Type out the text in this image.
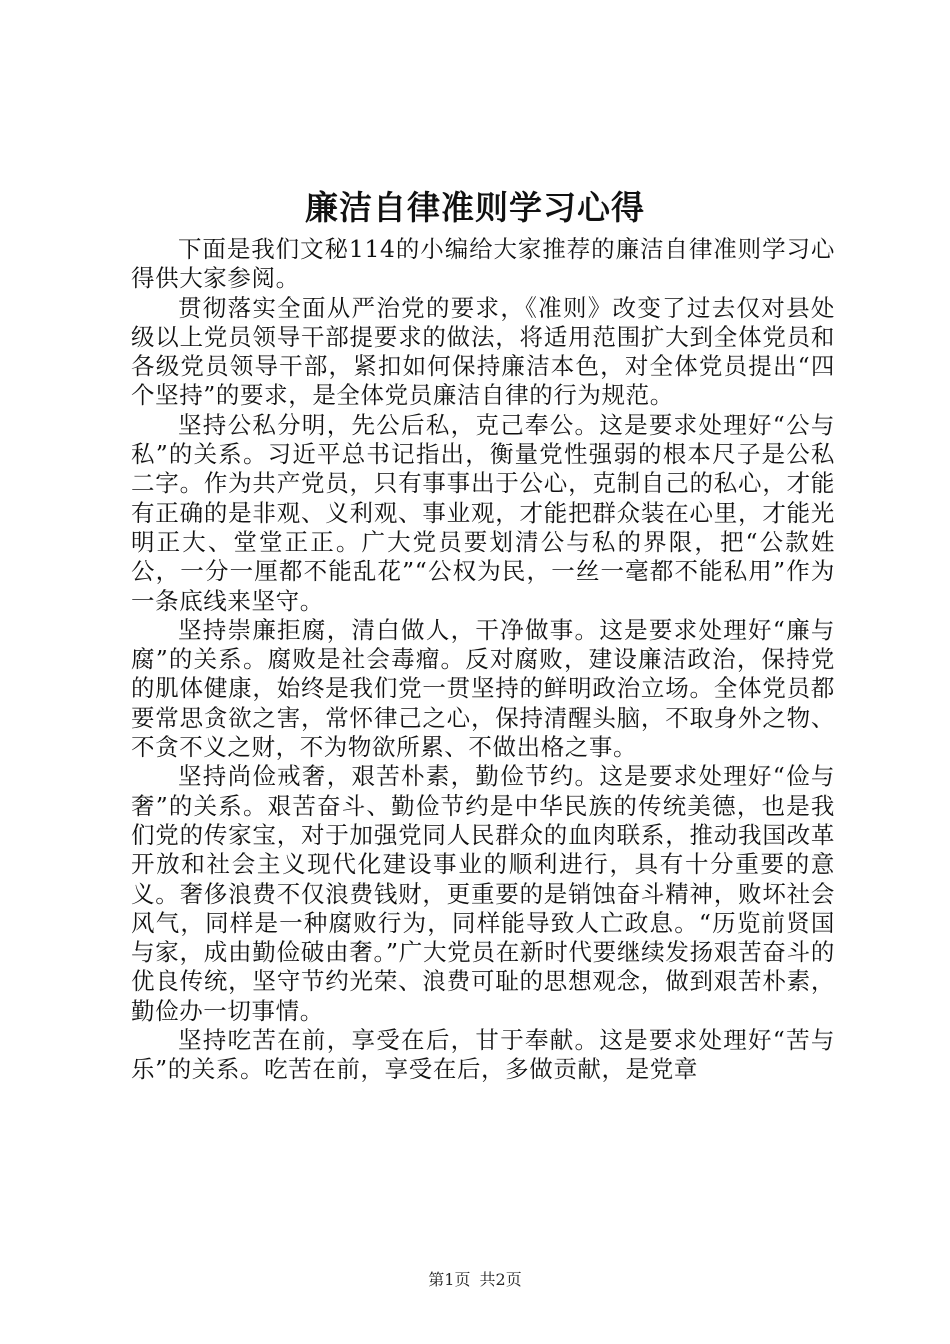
廉洁自律准则学习心得

下面是我们文秘114的小编给大家推荐的廉洁自律准则学习心得供大家参阅。

贯彻落实全面从严治党的要求，《准则》改变了过去仅对县处级以上党员领导干部提要求的做法，将适用范围扩大到全体党员和各级党员领导干部，紧扣如何保持廉洁本色，对全体党员提出“四个坚持”的要求，是全体党员廉洁自律的行为规范。

坚持公私分明，先公后私，克己奉公。这是要求处理好“公与私”的关系。习近平总书记指出，衡量党性强弱的根本尺子是公私二字。作为共产党员，只有事事出于公心，克制自己的私心，才能有正确的是非观、义利观、事业观，才能把群众装在心里，才能光明正大、堂堂正正。广大党员要划清公与私的界限，把“公款姓公，一分一厘都不能乱花”“公权为民，一丝一毫都不能私用”作为一条底线来坚守。

坚持崇廉拒腐，清白做人，干净做事。这是要求处理好“廉与腐”的关系。腐败是社会毒瘤。反对腐败，建设廉洁政治，保持党的肌体健康，始终是我们党一贯坚持的鲜明政治立场。全体党员都要常思贪欲之害，常怀律己之心，保持清醒头脑，不取身外之物、不贪不义之财，不为物欲所累、不做出格之事。

坚持尚俭戒奢，艰苦朴素，勤俭节约。这是要求处理好“俭与奢”的关系。艰苦奋斗、勤俭节约是中华民族的传统美德，也是我们党的传家宝，对于加强党同人民群众的血肉联系，推动我国改革开放和社会主义现代化建设事业的顺利进行，具有十分重要的意义。奢侈浪费不仅浪费钱财，更重要的是销蚀奋斗精神，败坏社会风气，同样是一种腐败行为，同样能导致人亡政息。“历览前贤国与家，成由勤俭破由奢。”广大党员在新时代要继续发扬艰苦奋斗的优良传统，坚守节约光荣、浪费可耻的思想观念，做到艰苦朴素，勤俭办一切事情。

坚持吃苦在前，享受在后，甘于奉献。这是要求处理好“苦与乐”的关系。吃苦在前，享受在后，多做贡献，是党章

第1页 共2页
